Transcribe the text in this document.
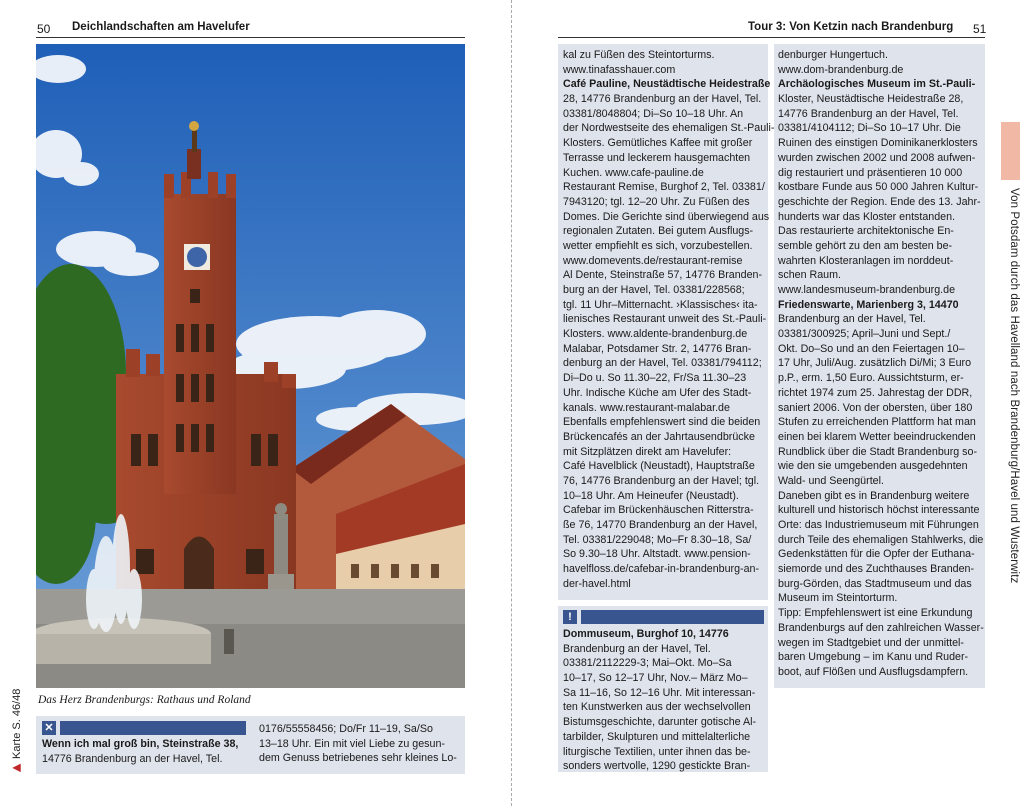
50 Deichlandschaften am Havelufer
Das Herz Brandenburgs: Rathaus und Roland
✕
Wenn ich mal groß bin, Steinstraße 38,
14776 Brandenburg an der Havel, Tel.
0176/55558456; Do/Fr 11–19, Sa/So
13–18 Uhr. Ein mit viel Liebe zu gesun-
dem Genuss betriebenes sehr kleines Lo-
▶ Karte S. 46/48
Tour 3: Von Ketzin nach Brandenburg 51
kal zu Füßen des Steintorturms.
www.tinafasshauer.com
Café Pauline, Neustädtische Heidestraße
28, 14776 Brandenburg an der Havel, Tel.
03381/8048804; Di–So 10–18 Uhr. An
der Nordwestseite des ehemaligen St.-Pauli-
Klosters. Gemütliches Kaffee mit großer
Terrasse und leckerem hausgemachten
Kuchen. www.cafe-pauline.de
Restaurant Remise, Burghof 2, Tel. 03381/
7943120; tgl. 12–20 Uhr. Zu Füßen des
Domes. Die Gerichte sind überwiegend aus
regionalen Zutaten. Bei gutem Ausflugs-
wetter empfiehlt es sich, vorzubestellen.
www.domevents.de/restaurant-remise
Al Dente, Steinstraße 57, 14776 Branden-
burg an der Havel, Tel. 03381/228568;
tgl. 11 Uhr–Mitternacht. ›Klassisches‹ ita-
lienisches Restaurant unweit des St.-Pauli-
Klosters. www.aldente-brandenburg.de
Malabar, Potsdamer Str. 2, 14776 Bran-
denburg an der Havel, Tel. 03381/794112;
Di–Do u. So 11.30–22, Fr/Sa 11.30–23
Uhr. Indische Küche am Ufer des Stadt-
kanals. www.restaurant-malabar.de
Ebenfalls empfehlenswert sind die beiden
Brückencafés an der Jahrtausendbrücke
mit Sitzplätzen direkt am Havelufer:
Café Havelblick (Neustadt), Hauptstraße
76, 14776 Brandenburg an der Havel; tgl.
10–18 Uhr. Am Heineufer (Neustadt).
Cafebar im Brückenhäuschen Ritterstra-
ße 76, 14770 Brandenburg an der Havel,
Tel. 03381/229048; Mo–Fr 8.30–18, Sa/
So 9.30–18 Uhr. Altstadt. www.pension-
havelfloss.de/cafebar-in-brandenburg-an-
der-havel.html
!
Dommuseum, Burghof 10, 14776
Brandenburg an der Havel, Tel.
03381/2112229-3; Mai–Okt. Mo–Sa
10–17, So 12–17 Uhr, Nov.– März Mo–
Sa 11–16, So 12–16 Uhr. Mit interessan-
ten Kunstwerken aus der wechselvollen
Bistumsgeschichte, darunter gotische Al-
tarbilder, Skulpturen und mittelalterliche
liturgische Textilien, unter ihnen das be-
sonders wertvolle, 1290 gestickte Bran-
denburger Hungertuch.
www.dom-brandenburg.de
Archäologisches Museum im St.-Pauli-
Kloster, Neustädtische Heidestraße 28,
14776 Brandenburg an der Havel, Tel.
03381/4104112; Di–So 10–17 Uhr. Die
Ruinen des einstigen Dominikanerklosters
wurden zwischen 2002 und 2008 aufwen-
dig restauriert und präsentieren 10 000
kostbare Funde aus 50 000 Jahren Kultur-
geschichte der Region. Ende des 13. Jahr-
hunderts war das Kloster entstanden.
Das restaurierte architektonische En-
semble gehört zu den am besten be-
wahrten Klosteranlagen im norddeut-
schen Raum.
www.landesmuseum-brandenburg.de
Friedenswarte, Marienberg 3, 14470
Brandenburg an der Havel, Tel.
03381/300925; April–Juni und Sept./
Okt. Do–So und an den Feiertagen 10–
17 Uhr, Juli/Aug. zusätzlich Di/Mi; 3 Euro
p.P., erm. 1,50 Euro. Aussichtsturm, er-
richtet 1974 zum 25. Jahrestag der DDR,
saniert 2006. Von der obersten, über 180
Stufen zu erreichenden Plattform hat man
einen bei klarem Wetter beeindruckenden
Rundblick über die Stadt Brandenburg so-
wie den sie umgebenden ausgedehnten
Wald- und Seengürtel.
Daneben gibt es in Brandenburg weitere
kulturell und historisch höchst interessante
Orte: das Industriemuseum mit Führungen
durch Teile des ehemaligen Stahlwerks, die
Gedenkstätten für die Opfer der Euthana-
siemorde und des Zuchthauses Branden-
burg-Görden, das Stadtmuseum und das
Museum im Steintorturm.
Tipp: Empfehlenswert ist eine Erkundung
Brandenburgs auf den zahlreichen Wasser-
wegen im Stadtgebiet und der unmittel-
baren Umgebung – im Kanu und Ruder-
boot, auf Flößen und Ausflugsdampfern.
Von Potsdam durch das Havelland nach Brandenburg/Havel und Wusterwitz
